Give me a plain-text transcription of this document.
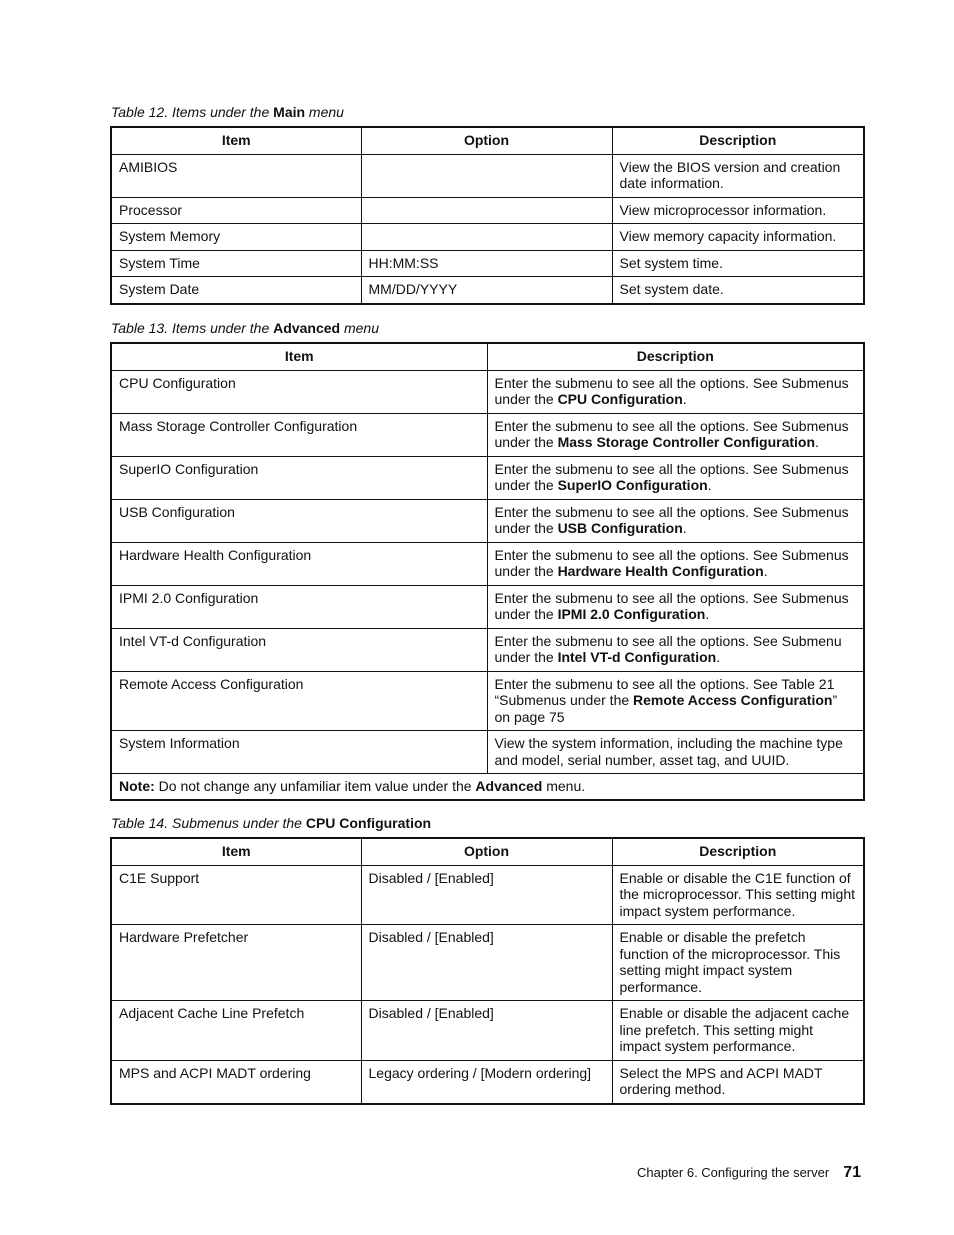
Table 12. Items under the Main menu
Item	Option	Description
AMIBIOS		View the BIOS version and creation date information.
Processor		View microprocessor information.
System Memory		View memory capacity information.
System Time	HH:MM:SS	Set system time.
System Date	MM/DD/YYYY	Set system date.
Table 13. Items under the Advanced menu
Item	Description
CPU Configuration	Enter the submenu to see all the options. See Submenus under the CPU Configuration.
Mass Storage Controller Configuration	Enter the submenu to see all the options. See Submenus under the Mass Storage Controller Configuration.
SuperIO Configuration	Enter the submenu to see all the options. See Submenus under the SuperIO Configuration.
USB Configuration	Enter the submenu to see all the options. See Submenus under the USB Configuration.
Hardware Health Configuration	Enter the submenu to see all the options. See Submenus under the Hardware Health Configuration.
IPMI 2.0 Configuration	Enter the submenu to see all the options. See Submenus under the IPMI 2.0 Configuration.
Intel VT-d Configuration	Enter the submenu to see all the options. See Submenu under the Intel VT-d Configuration.
Remote Access Configuration	Enter the submenu to see all the options. See Table 21 “Submenus under the Remote Access Configuration” on page 75
System Information	View the system information, including the machine type and model, serial number, asset tag, and UUID.
Note: Do not change any unfamiliar item value under the Advanced menu.	
Table 14. Submenus under the CPU Configuration
Item	Option	Description
C1E Support	Disabled / [Enabled]	Enable or disable the C1E function of the microprocessor. This setting might impact system performance.
Hardware Prefetcher	Disabled / [Enabled]	Enable or disable the prefetch function of the microprocessor. This setting might impact system performance.
Adjacent Cache Line Prefetch	Disabled / [Enabled]	Enable or disable the adjacent cache line prefetch. This setting might impact system performance.
MPS and ACPI MADT ordering	Legacy ordering / [Modern ordering]	Select the MPS and ACPI MADT ordering method.
Chapter 6. Configuring the server 71
